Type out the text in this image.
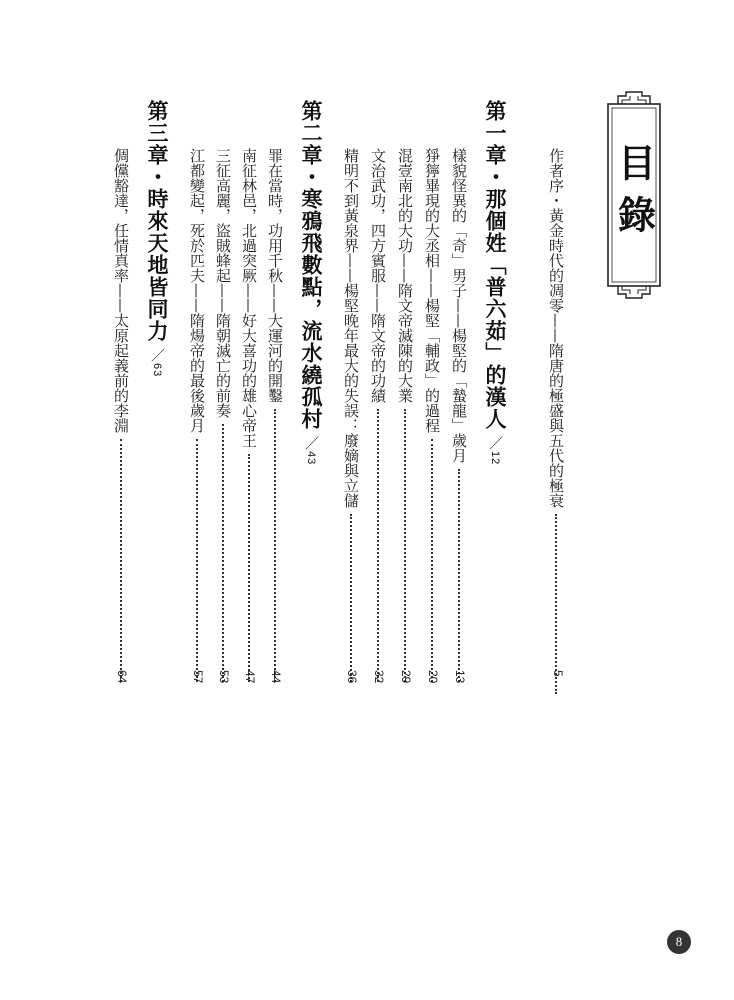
目錄
作者序・黃金時代的凋零——隋唐的極盛與五代的極衰
5
第一章・那個姓「普六茹」的漢人／12
樣貌怪異的「奇」男子——楊堅的「蟄龍」歲月
13
猙獰畢現的大丞相——楊堅「輔政」的過程
20
混壹南北的大功——隋文帝滅陳的大業
29
文治武功，四方賓服——隋文帝的功績
32
精明不到黃泉界——楊堅晚年最大的失誤：廢嫡與立儲
36
第二章・寒鴉飛數點，流水繞孤村／43
罪在當時，功用千秋——大運河的開鑿
44
南征林邑，北過突厥——好大喜功的雄心帝王
47
三征高麗，盜賊蜂起——隋朝滅亡的前奏
53
江都變起，死於匹夫——隋煬帝的最後歲月
57
第三章・時來天地皆同力／63
倜儻豁達，任情真率——太原起義前的李淵
64
8
